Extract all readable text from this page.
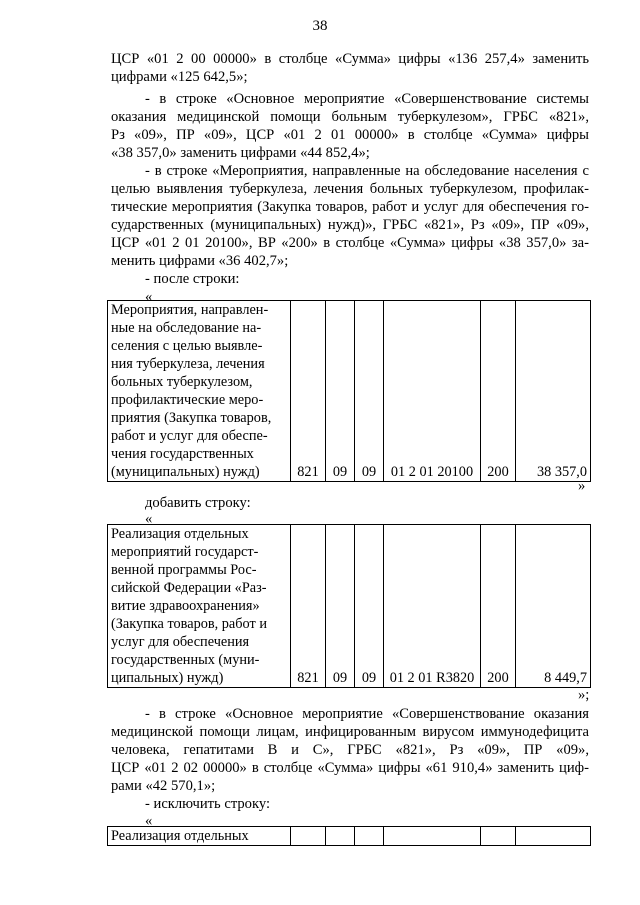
38
ЦСР «01 2 00 00000» в столбце «Сумма» цифры «136 257,4» заменить
цифрами «125 642,5»;
- в строке «Основное мероприятие «Совершенствование системы
оказания медицинской помощи больным туберкулезом», ГРБС «821»,
Рз «09», ПР «09», ЦСР «01 2 01 00000» в столбце «Сумма» цифры
«38 357,0» заменить цифрами «44 852,4»;
- в строке «Мероприятия, направленные на обследование населения с
целью выявления туберкулеза, лечения больных туберкулезом, профилак-
тические мероприятия (Закупка товаров, работ и услуг для обеспечения го-
сударственных (муниципальных) нужд)», ГРБС «821», Рз «09», ПР «09»,
ЦСР «01 2 01 20100», ВР «200» в столбце «Сумма» цифры «38 357,0» за-
менить цифрами «36 402,7»;
- после строки:
«
Мероприятия, направлен-
ные на обследование на-
селения с целью выявле-
ния туберкулеза, лечения
больных туберкулезом,
профилактические меро-
приятия (Закупка товаров,
работ и услуг для обеспе-
чения государственных
(муниципальных) нужд)	821	09	09	01 2 01 20100	200	38 357,0
»
добавить строку:
«
Реализация отдельных
мероприятий государст-
венной программы Рос-
сийской Федерации «Раз-
витие здравоохранения»
(Закупка товаров, работ и
услуг для обеспечения
государственных (муни-
ципальных) нужд)	821	09	09	01 2 01 R3820	200	8 449,7
»;
- в строке «Основное мероприятие «Совершенствование оказания
медицинской помощи лицам, инфицированным вирусом иммунодефицита
человека, гепатитами В и С», ГРБС «821», Рз «09», ПР «09»,
ЦСР «01 2 02 00000» в столбце «Сумма» цифры «61 910,4» заменить циф-
рами «42 570,1»;
- исключить строку:
«
Реализация отдельных
